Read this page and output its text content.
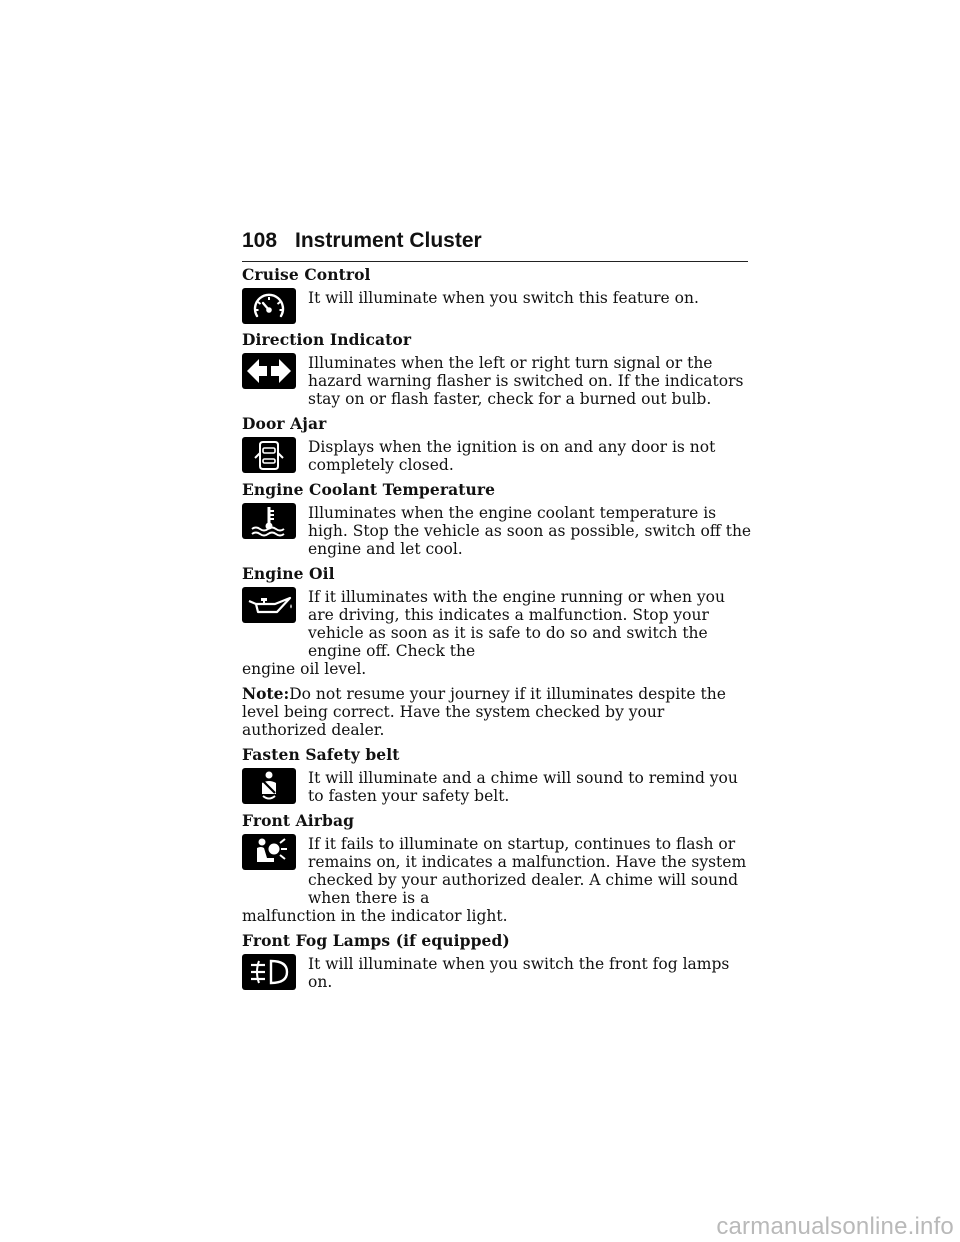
108 Instrument Cluster
Cruise Control
It will illuminate when you switch this feature on.
Direction Indicator
Illuminates when the left or right turn signal or the hazard warning flasher is switched on. If the indicators stay on or flash faster, check for a burned out bulb.
Door Ajar
Displays when the ignition is on and any door is not completely closed.
Engine Coolant Temperature
Illuminates when the engine coolant temperature is high. Stop the vehicle as soon as possible, switch off the engine and let cool.
Engine Oil
If it illuminates with the engine running or when you are driving, this indicates a malfunction. Stop your vehicle as soon as it is safe to do so and switch the engine off. Check the
engine oil level.
Note:Do not resume your journey if it illuminates despite the level being correct. Have the system checked by your authorized dealer.
Fasten Safety belt
It will illuminate and a chime will sound to remind you to fasten your safety belt.
Front Airbag
If it fails to illuminate on startup, continues to flash or remains on, it indicates a malfunction. Have the system checked by your authorized dealer. A chime will sound when there is a
malfunction in the indicator light.
Front Fog Lamps (if equipped)
It will illuminate when you switch the front fog lamps on.
carmanualsonline.info
